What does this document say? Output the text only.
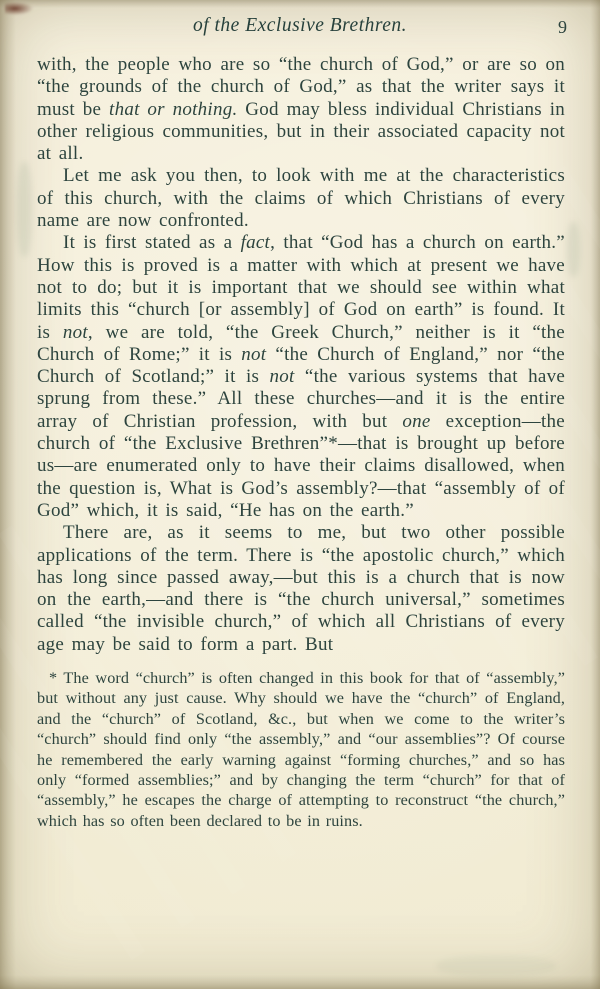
of the Exclusive Brethren.	9

with, the people who are so “the church of God,” or are so on “the grounds of the church of God,” as that the writer says it must be that or nothing. God may bless individual Christians in other religious communities, but in their associated capacity not at all.

Let me ask you then, to look with me at the characteristics of this church, with the claims of which Christians of every name are now confronted.

It is first stated as a fact, that “God has a church on earth.” How this is proved is a matter with which at present we have not to do; but it is important that we should see within what limits this “church [or assembly] of God on earth” is found. It is not, we are told, “the Greek Church,” neither is it “the Church of Rome;” it is not “the Church of England,” nor “the Church of Scotland;” it is not “the various systems that have sprung from these.” All these churches—and it is the entire array of Christian profession, with but one exception—the church of “the Exclusive Brethren”*—that is brought up before us—are enumerated only to have their claims disallowed, when the question is, What is God’s assembly?—that “assembly of of God” which, it is said, “He has on the earth.”

There are, as it seems to me, but two other possible applications of the term. There is “the apostolic church,” which has long since passed away,—but this is a church that is now on the earth,—and there is “the church universal,” sometimes called “the invisible church,” of which all Christians of every age may be said to form a part. But

* The word “church” is often changed in this book for that of “assembly,” but without any just cause. Why should we have the “church” of England, and the “church” of Scotland, &c., but when we come to the writer’s “church” should find only “the assembly,” and “our assemblies”? Of course he remembered the early warning against “forming churches,” and so has only “formed assemblies;” and by changing the term “church” for that of “assembly,” he escapes the charge of attempting to reconstruct “the church,” which has so often been declared to be in ruins.
